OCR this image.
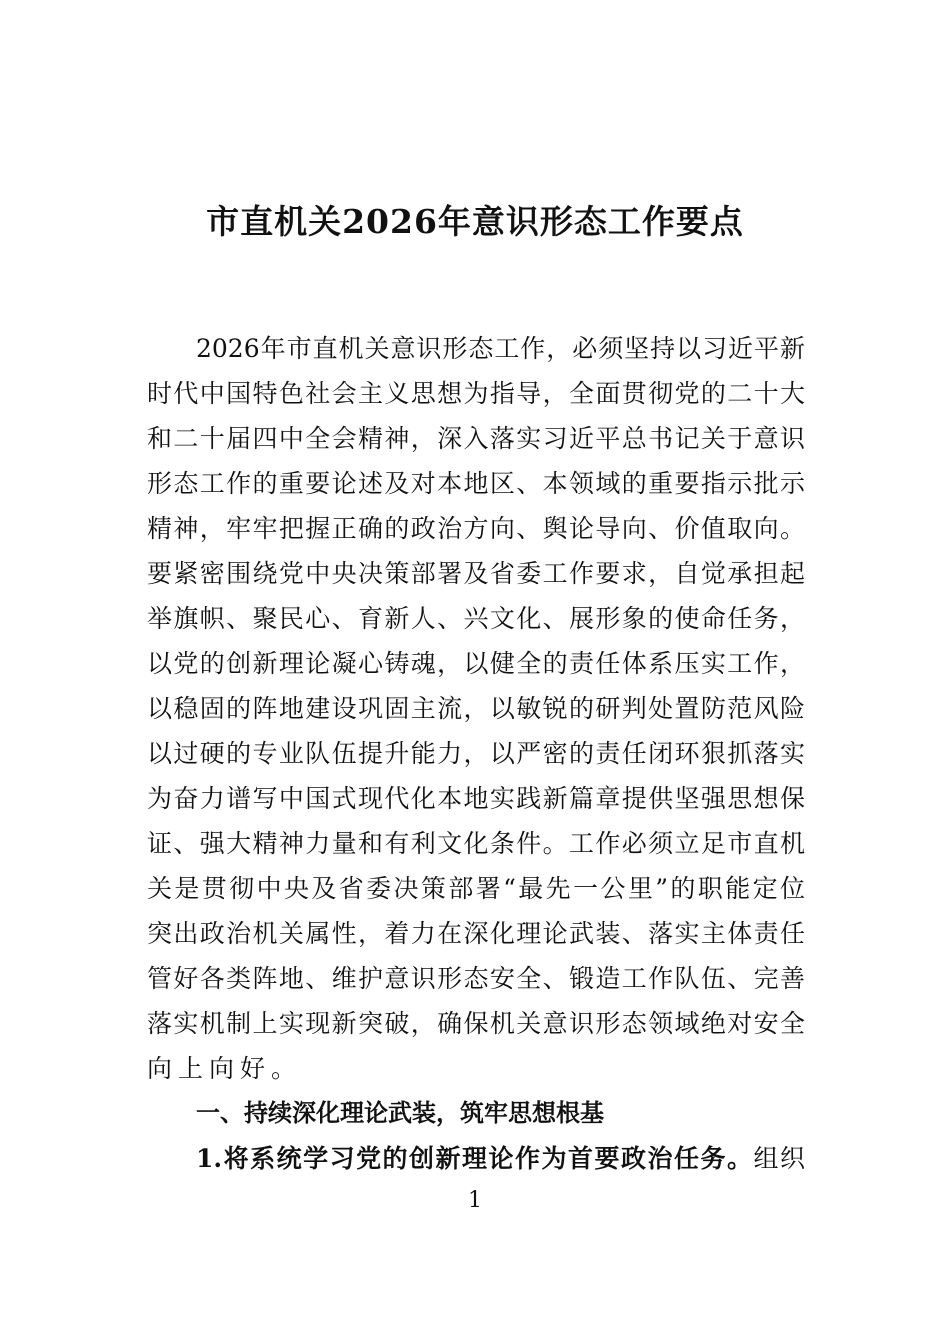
市直机关2026年意识形态工作要点
2026年市直机关意识形态工作，必须坚持以习近平新
时代中国特色社会主义思想为指导，全面贯彻党的二十大
和二十届四中全会精神，深入落实习近平总书记关于意识
形态工作的重要论述及对本地区、本领域的重要指示批示
精神，牢牢把握正确的政治方向、舆论导向、价值取向。
要紧密围绕党中央决策部署及省委工作要求，自觉承担起
举旗帜、聚民心、育新人、兴文化、展形象的使命任务，
以党的创新理论凝心铸魂，以健全的责任体系压实工作，
以稳固的阵地建设巩固主流，以敏锐的研判处置防范风险
以过硬的专业队伍提升能力，以严密的责任闭环狠抓落实
为奋力谱写中国式现代化本地实践新篇章提供坚强思想保
证、强大精神力量和有利文化条件。工作必须立足市直机
关是贯彻中央及省委决策部署“最先一公里”的职能定位
突出政治机关属性，着力在深化理论武装、落实主体责任
管好各类阵地、维护意识形态安全、锻造工作队伍、完善
落实机制上实现新突破，确保机关意识形态领域绝对安全
向上向好。
一、持续深化理论武装，筑牢思想根基
1.将系统学习党的创新理论作为首要政治任务。组织
1
